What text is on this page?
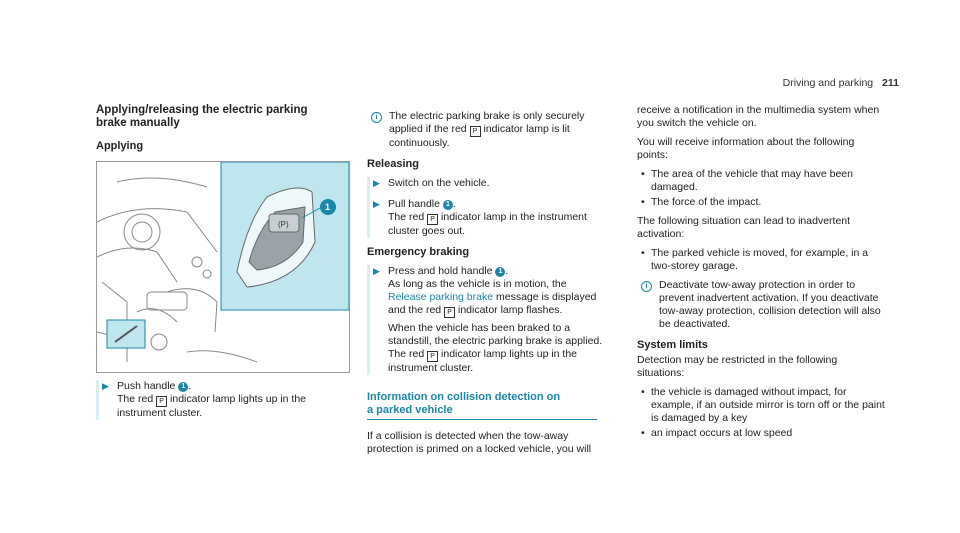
Driving and parking 211
Applying/releasing the electric parking brake manually
Applying
(P)
1
▶ Push handle 1 .
The red P indicator lamp lights up in the instrument cluster.
i	The electric parking brake is only securely applied if the red P indicator lamp is lit continuously.
Releasing
▶ Switch on the vehicle.
▶ Pull handle 1 .
The red P indicator lamp in the instrument cluster goes out.
Emergency braking
▶ Press and hold handle 1 .
As long as the vehicle is in motion, the Release parking brake message is displayed and the red P indicator lamp flashes.

When the vehicle has been braked to a standstill, the electric parking brake is applied. The red P indicator lamp lights up in the instrument cluster.

Information on collision detection on a parked vehicle

If a collision is detected when the tow-away protection is primed on a locked vehicle, you will

receive a notification in the multimedia system when you switch the vehicle on.

You will receive information about the following points:

• The area of the vehicle that may have been damaged.
• The force of the impact.

The following situation can lead to inadvertent activation:

• The parked vehicle is moved, for example, in a two-storey garage.
i	Deactivate tow-away protection in order to prevent inadvertent activation. If you deactivate tow-away protection, collision detection will also be deactivated.
System limits

Detection may be restricted in the following situations:

• the vehicle is damaged without impact, for example, if an outside mirror is torn off or the paint is damaged by a key
• an impact occurs at low speed
